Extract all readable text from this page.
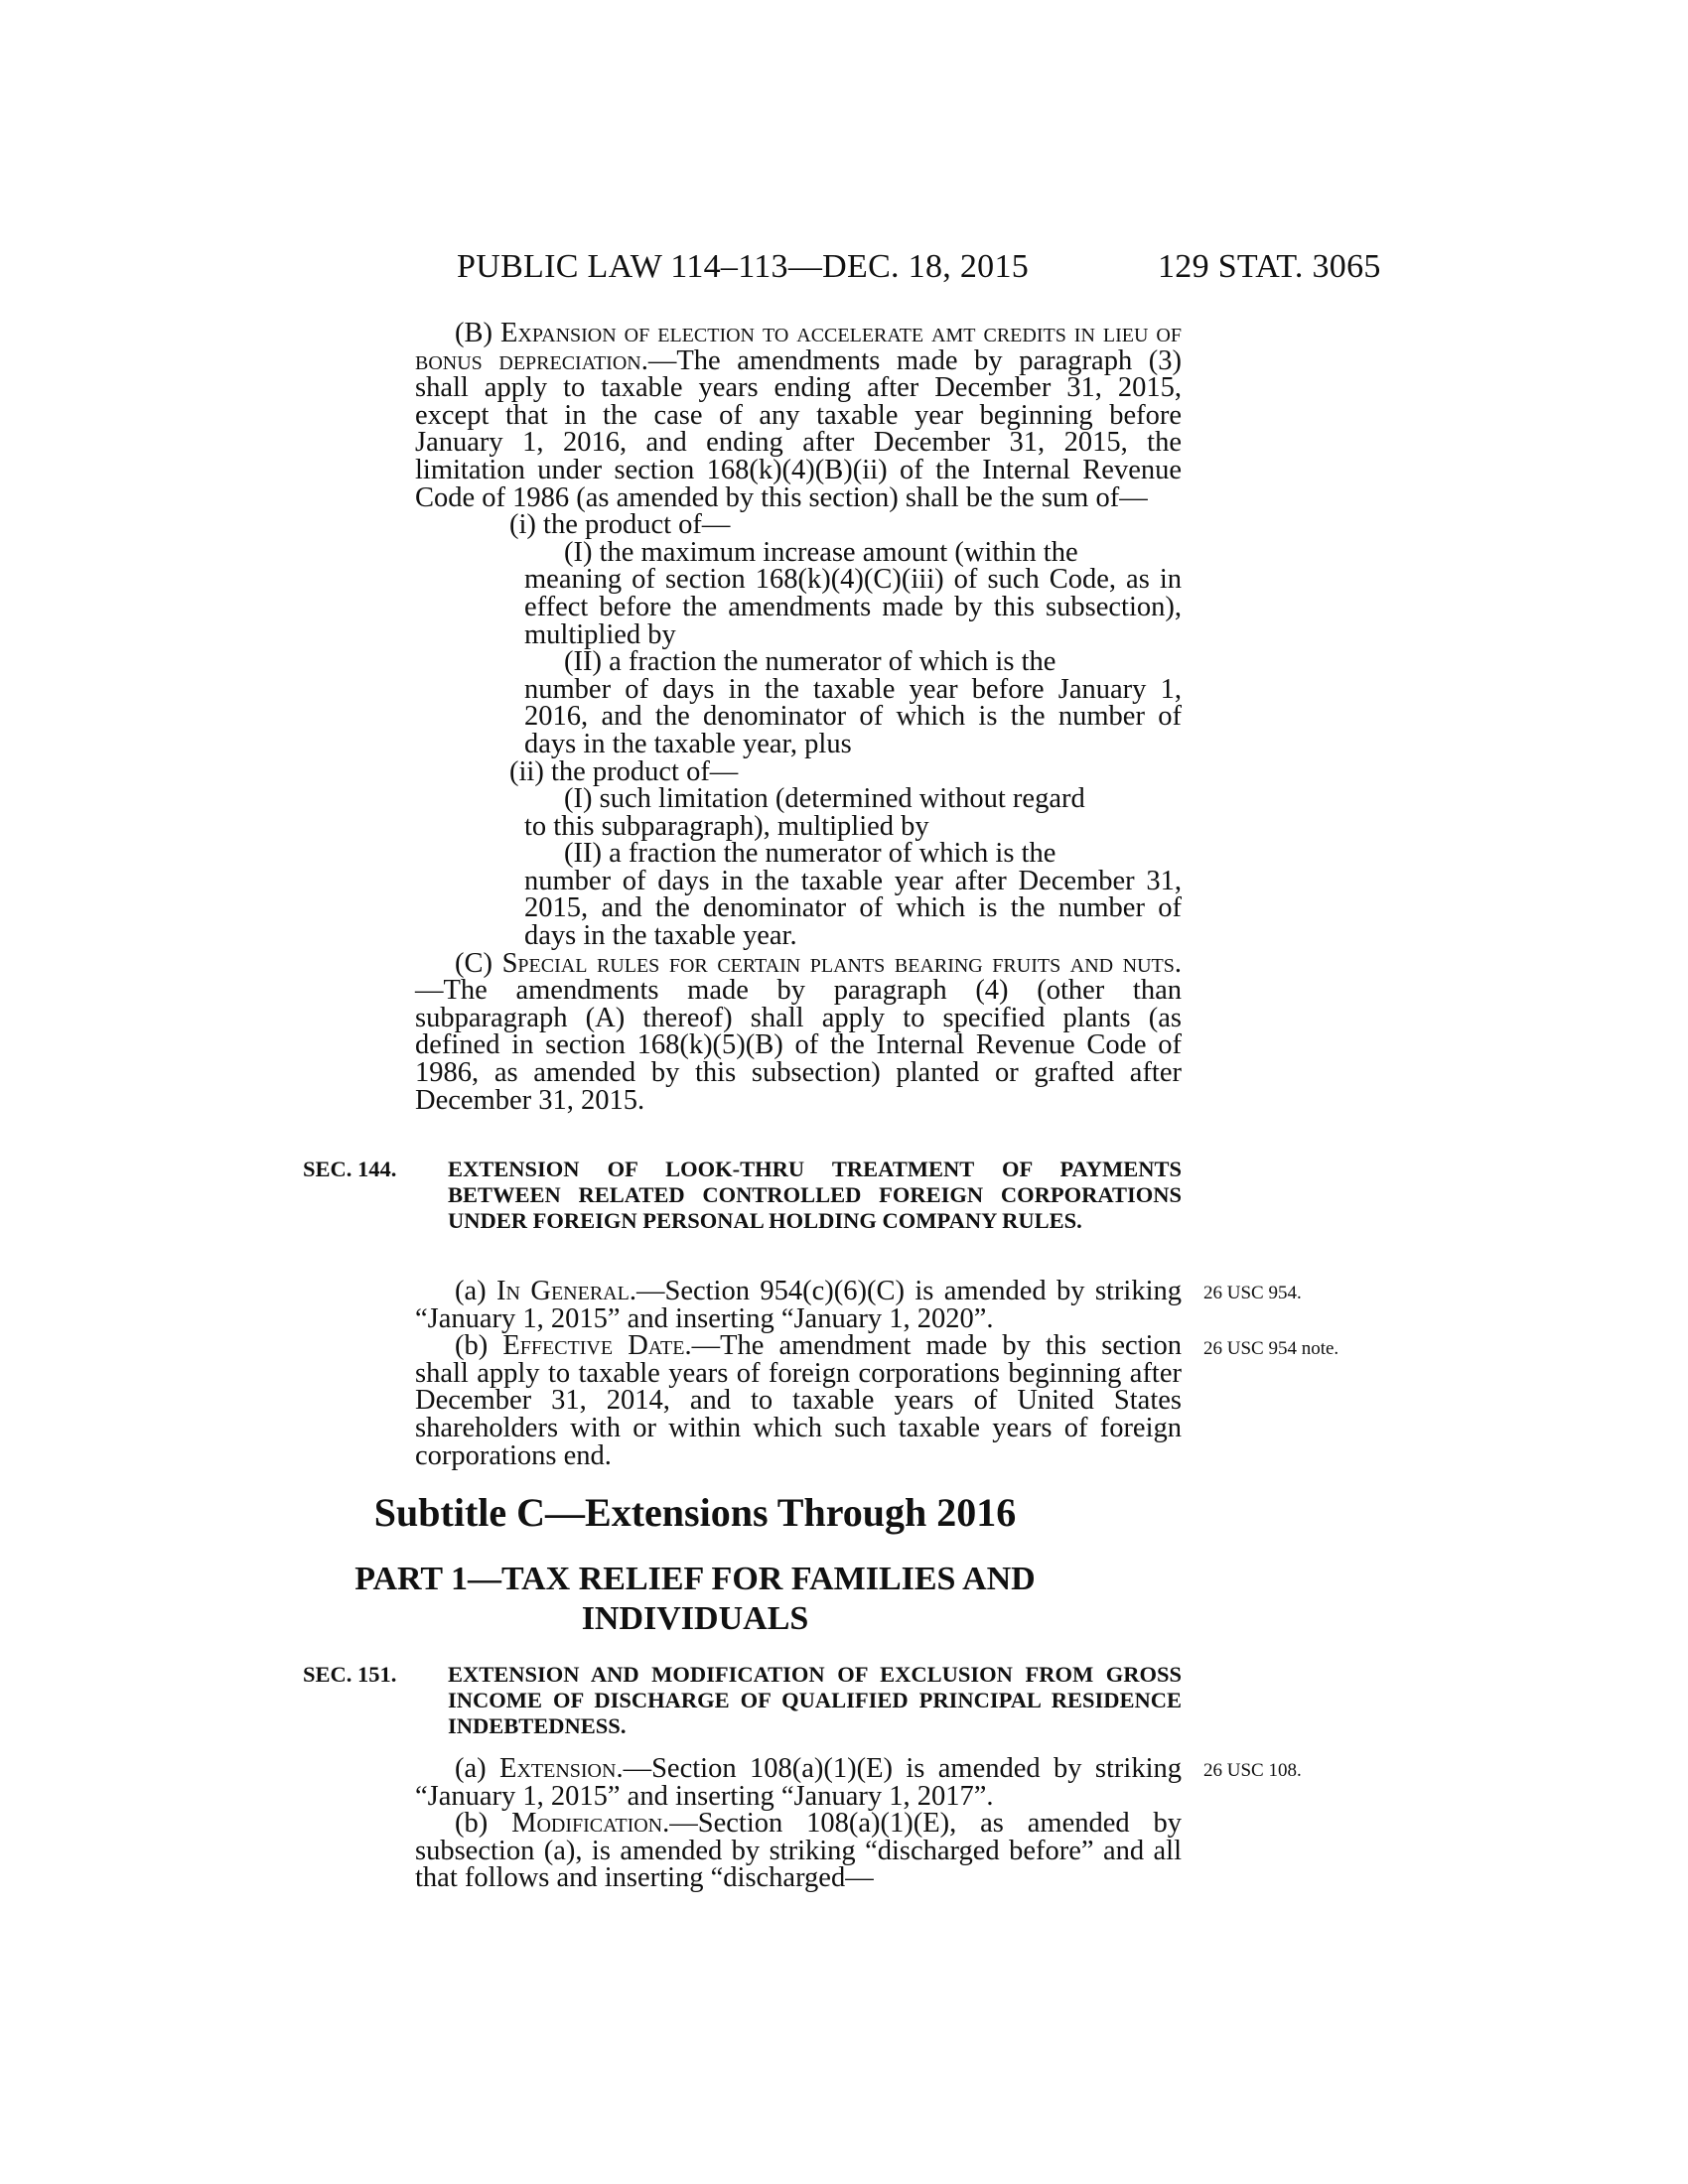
PUBLIC LAW 114–113—DEC. 18, 2015	129 STAT. 3065

(B) Expansion of election to accelerate amt credits in lieu of bonus depreciation.—The amendments made by paragraph (3) shall apply to taxable years ending after December 31, 2015, except that in the case of any taxable year beginning before January 1, 2016, and ending after December 31, 2015, the limitation under section 168(k)(4)(B)(ii) of the Internal Revenue Code of 1986 (as amended by this section) shall be the sum of—

(i) the product of—

(I) the maximum increase amount (within the

meaning of section 168(k)(4)(C)(iii) of such Code, as in effect before the amendments made by this subsection), multiplied by

(II) a fraction the numerator of which is the

number of days in the taxable year before January 1, 2016, and the denominator of which is the number of days in the taxable year, plus

(ii) the product of—

(I) such limitation (determined without regard

to this subparagraph), multiplied by

(II) a fraction the numerator of which is the

number of days in the taxable year after December 31, 2015, and the denominator of which is the number of days in the taxable year.

(C) Special rules for certain plants bearing fruits and nuts.—The amendments made by paragraph (4) (other than subparagraph (A) thereof) shall apply to specified plants (as defined in section 168(k)(5)(B) of the Internal Revenue Code of 1986, as amended by this subsection) planted or grafted after December 31, 2015.

SEC. 144. EXTENSION OF LOOK-THRU TREATMENT OF PAYMENTS BETWEEN RELATED CONTROLLED FOREIGN CORPORATIONS UNDER FOREIGN PERSONAL HOLDING COMPANY RULES.

(a) In General.—Section 954(c)(6)(C) is amended by striking “January 1, 2015” and inserting “January 1, 2020”.

(b) Effective Date.—The amendment made by this section shall apply to taxable years of foreign corporations beginning after December 31, 2014, and to taxable years of United States shareholders with or within which such taxable years of foreign corporations end.

26 USC 954.
26 USC 954 note.
Subtitle C—Extensions Through 2016
PART 1—TAX RELIEF FOR FAMILIES AND
INDIVIDUALS
SEC. 151. EXTENSION AND MODIFICATION OF EXCLUSION FROM GROSS INCOME OF DISCHARGE OF QUALIFIED PRINCIPAL RESIDENCE INDEBTEDNESS.

(a) Extension.—Section 108(a)(1)(E) is amended by striking “January 1, 2015” and inserting “January 1, 2017”.

(b) Modification.—Section 108(a)(1)(E), as amended by subsection (a), is amended by striking “discharged before” and all that follows and inserting “discharged—

26 USC 108.
